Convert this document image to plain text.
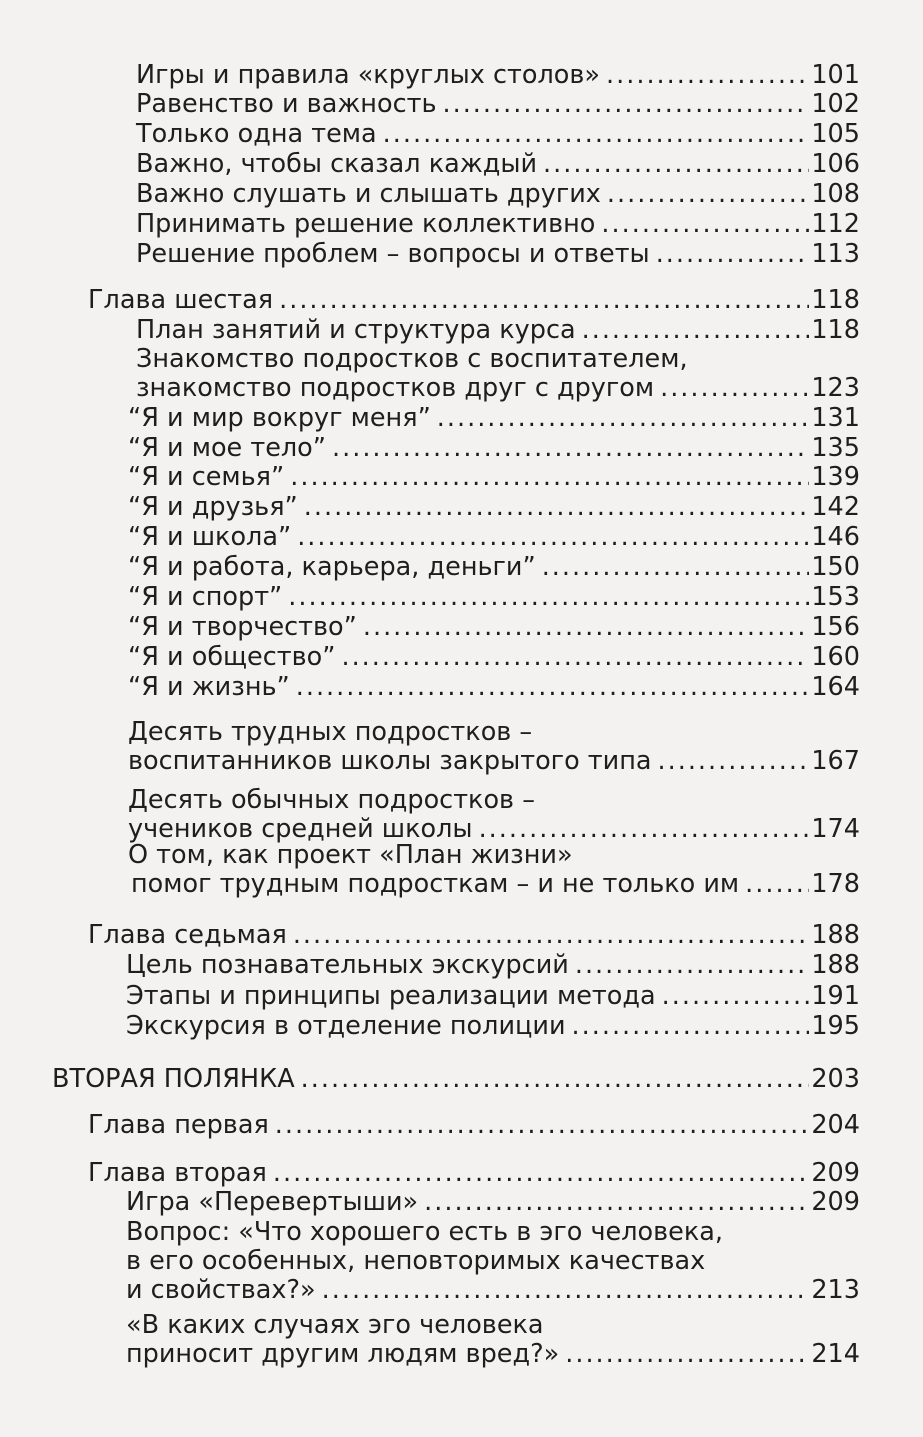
Игры и правила «круглых столов» .....	101
Равенство и важность .....	102
Только одна тема .....	105
Важно, чтобы сказал каждый .....	106
Важно слушать и слышать других .....	108
Принимать решение коллективно .....	112
Решение проблем – вопросы и ответы .....	113
Глава шестая .....	118
План занятий и структура курса .....	118
Знакомство подростков с воспитателем,
знакомство подростков друг с другом .....	123
“Я и мир вокруг меня” .....	131
“Я и мое тело” .....	135
“Я и семья” .....	139
“Я и друзья” .....	142
“Я и школа” .....	146
“Я и работа, карьера, деньги” .....	150
“Я и спорт” .....	153
“Я и творчество” .....	156
“Я и общество” .....	160
“Я и жизнь” .....	164
Десять трудных подростков –
воспитанников школы закрытого типа .....	167
Десять обычных подростков –
учеников средней школы .....	174
О том, как проект «План жизни»
помог трудным подросткам – и не только им .....	178
Глава седьмая .....	188
Цель познавательных экскурсий .....	188
Этапы и принципы реализации метода .....	191
Экскурсия в отделение полиции .....	195
ВТОРАЯ ПОЛЯНКА .....	203
Глава первая .....	204
Глава вторая .....	209
Игра «Перевертыши» .....	209
Вопрос: «Что хорошего есть в эго человека,
в его особенных, неповторимых качествах
и свойствах?» .....	213
«В каких случаях эго человека
приносит другим людям вред?» .....	214
